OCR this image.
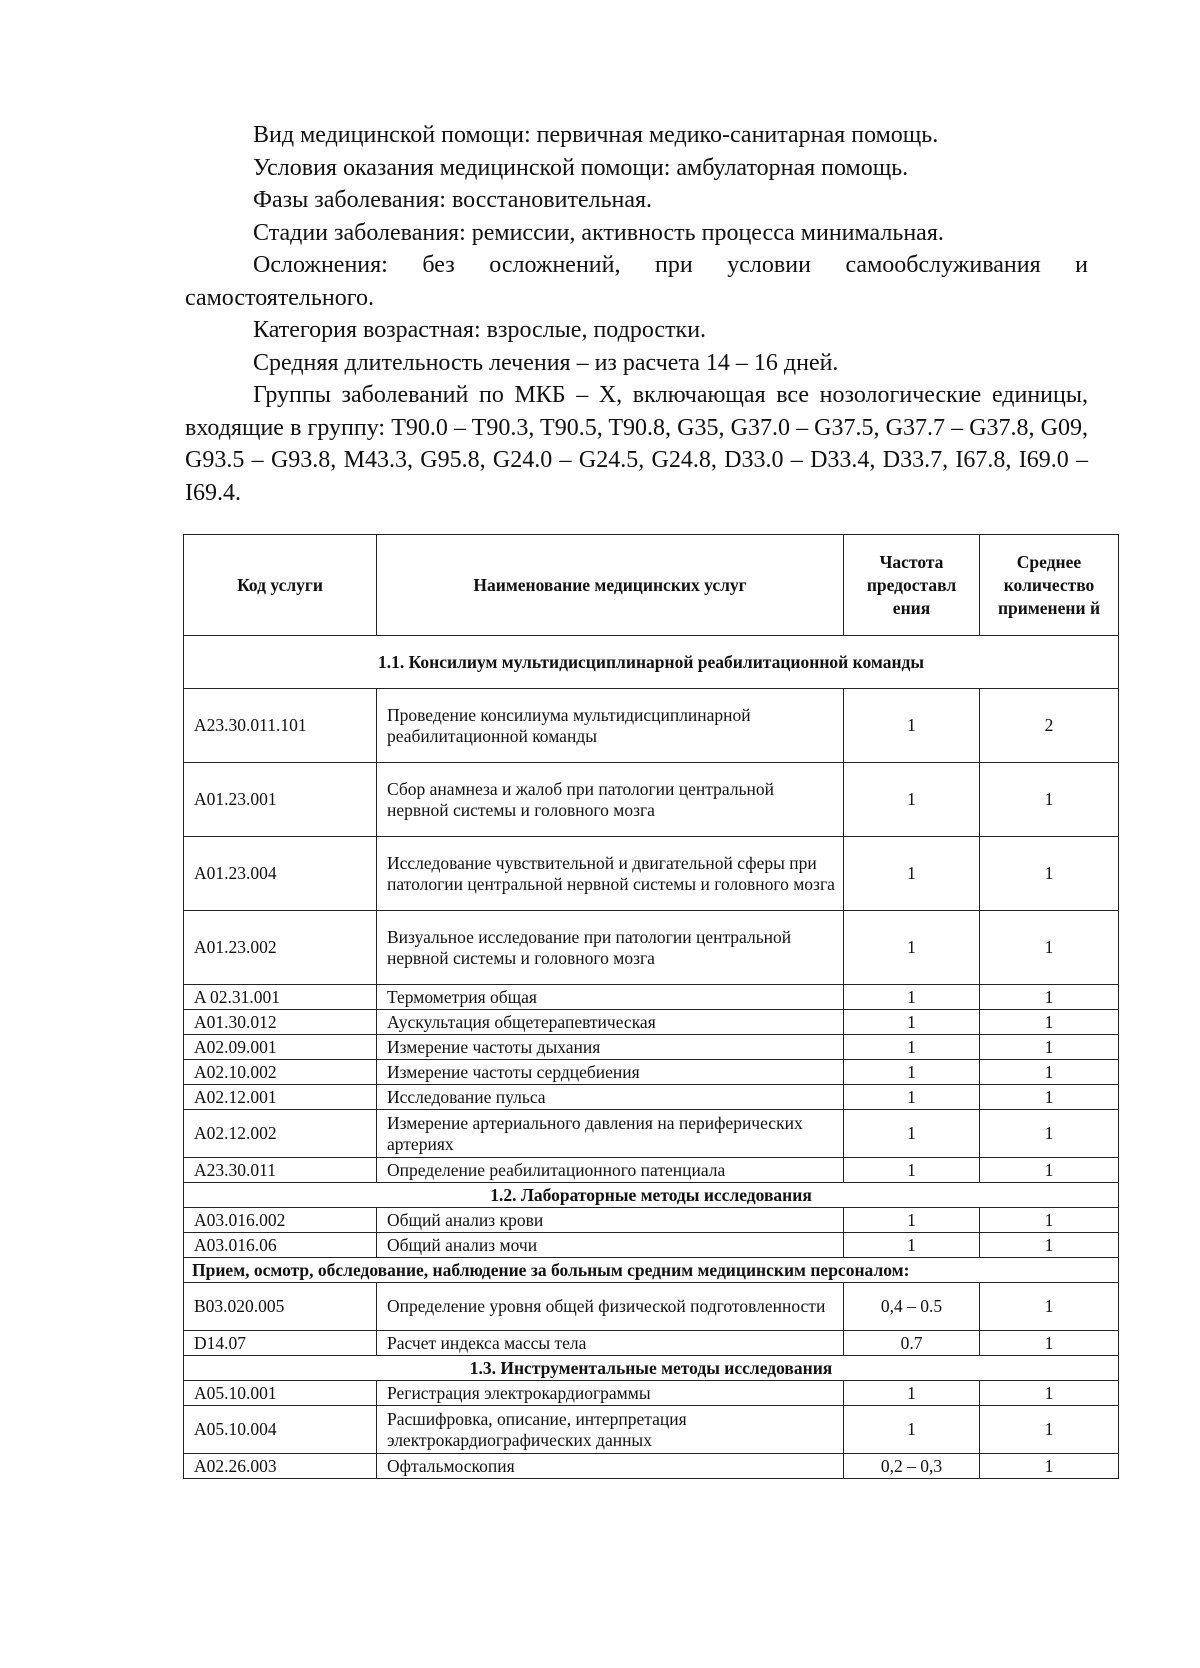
Вид медицинской помощи: первичная медико-санитарная помощь.

Условия оказания медицинской помощи: амбулаторная помощь.

Фазы заболевания: восстановительная.

Стадии заболевания: ремиссии, активность процесса минимальная.

Осложнения: без осложнений, при условии самообслуживания и самостоятельного.

Категория возрастная: взрослые, подростки.

Средняя длительность лечения – из расчета 14 – 16 дней.

Группы заболеваний по МКБ – X, включающая все нозологические единицы, входящие в группу: T90.0 – T90.3, T90.5, T90.8, G35, G37.0 – G37.5, G37.7 – G37.8, G09, G93.5 – G93.8, M43.3, G95.8, G24.0 – G24.5, G24.8, D33.0 – D33.4, D33.7, I67.8, I69.0 – I69.4.

Код услуги	Наименование медицинских услуг	Частота предоставл ения	Среднее количество применени й
1.1. Консилиум мультидисциплинарной реабилитационной команды			
A23.30.011.101	Проведение консилиума мультидисциплинарной реабилитационной команды	1	2
A01.23.001	Сбор анамнеза и жалоб при патологии центральной нервной системы и головного мозга	1	1
A01.23.004	Исследование чувствительной и двигательной сферы при патологии центральной нервной системы и головного мозга	1	1
A01.23.002	Визуальное исследование при патологии центральной нервной системы и головного мозга	1	1
A 02.31.001	Термометрия общая	1	1
A01.30.012	Аускультация общетерапевтическая	1	1
A02.09.001	Измерение частоты дыхания	1	1
A02.10.002	Измерение частоты сердцебиения	1	1
A02.12.001	Исследование пульса	1	1
A02.12.002	Измерение артериального давления на периферических артериях	1	1
A23.30.011	Определение реабилитационного патенциала	1	1
1.2. Лабораторные методы исследования			
A03.016.002	Общий анализ крови	1	1
A03.016.06	Общий анализ мочи	1	1
Прием, осмотр, обследование, наблюдение за больным средним медицинским персоналом:			
B03.020.005	Определение уровня общей физической подготовленности	0,4 – 0.5	1
D14.07	Расчет индекса массы тела	0.7	1
1.3. Инструментальные методы исследования			
A05.10.001	Регистрация электрокардиограммы	1	1
A05.10.004	Расшифровка, описание, интерпретация электрокардиографических данных	1	1
A02.26.003	Офтальмоскопия	0,2 – 0,3	1
